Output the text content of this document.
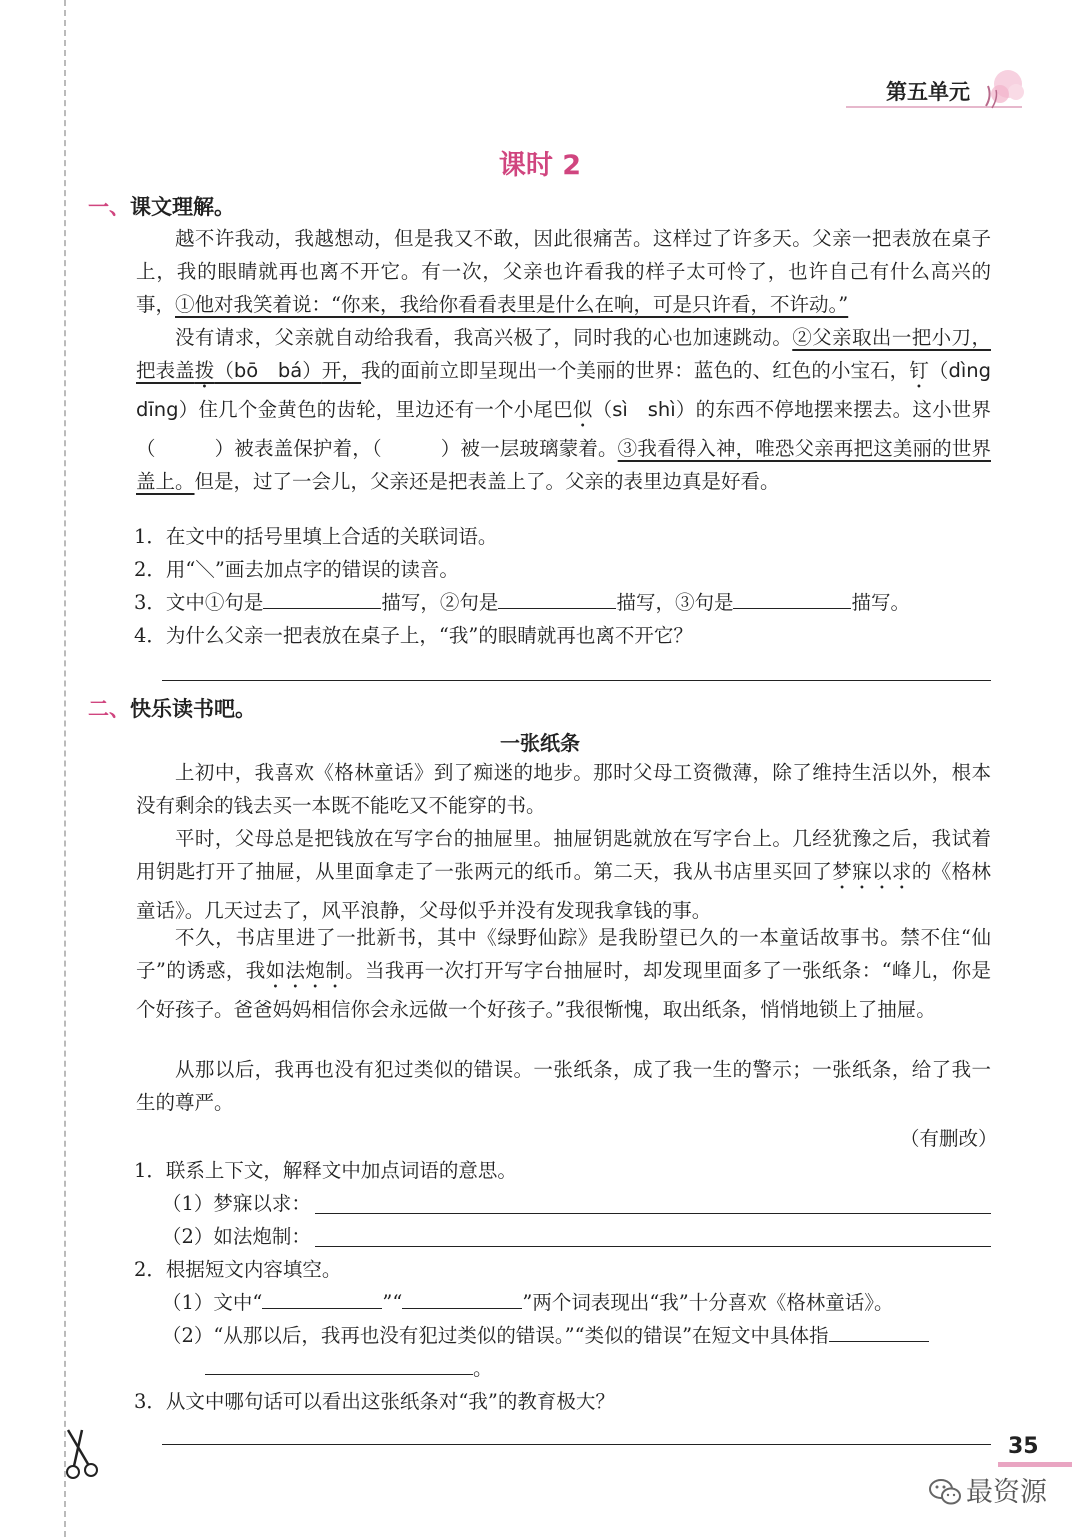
第五单元
课时 2
一、课文理解。
越不许我动，我越想动，但是我又不敢，因此很痛苦。这样过了许多天。父亲一把表放在桌子上，我的眼睛就再也离不开它。有一次，父亲也许看我的样子太可怜了，也许自己有什么高兴的事，①他对我笑着说：“你来，我给你看看表里是什么在响，可是只许看，不许动。”
没有请求，父亲就自动给我看，我高兴极了，同时我的心也加速跳动。②父亲取出一把小刀，把表盖拨（bō　bá）开，我的面前立即呈现出一个美丽的世界：蓝色的、红色的小宝石，钉（dìng　dīng）住几个金黄色的齿轮，里边还有一个小尾巴似（sì　shì）的东西不停地摆来摆去。这小世界（　　　）被表盖保护着，（　　　）被一层玻璃蒙着。③我看得入神，唯恐父亲再把这美丽的世界盖上。但是，过了一会儿，父亲还是把表盖上了。父亲的表里边真是好看。
1．在文中的括号里填上合适的关联词语。
2．用“＼”画去加点字的错误的读音。
3．文中①句是	描写，②句是	描写，③句是	描写。
4．为什么父亲一把表放在桌子上，“我”的眼睛就再也离不开它？
二、快乐读书吧。
一张纸条
上初中，我喜欢《格林童话》到了痴迷的地步。那时父母工资微薄，除了维持生活以外，根本没有剩余的钱去买一本既不能吃又不能穿的书。
平时，父母总是把钱放在写字台的抽屉里。抽屉钥匙就放在写字台上。几经犹豫之后，我试着用钥匙打开了抽屉，从里面拿走了一张两元的纸币。第二天，我从书店里买回了梦寐以求的《格林童话》。几天过去了，风平浪静，父母似乎并没有发现我拿钱的事。
不久，书店里进了一批新书，其中《绿野仙踪》是我盼望已久的一本童话故事书。禁不住“仙子”的诱惑，我如法炮制。当我再一次打开写字台抽屉时，却发现里面多了一张纸条：“峰儿，你是个好孩子。爸爸妈妈相信你会永远做一个好孩子。”我很惭愧，取出纸条，悄悄地锁上了抽屉。
从那以后，我再也没有犯过类似的错误。一张纸条，成了我一生的警示；一张纸条，给了我一生的尊严。
（有删改）
1．联系上下文，解释文中加点词语的意思。
（1）梦寐以求：
（2）如法炮制：
2．根据短文内容填空。
（1）文中“	”“	”两个词表现出“我”十分喜欢《格林童话》。
（2）“从那以后，我再也没有犯过类似的错误。”“类似的错误”在短文中具体指
。
3．从文中哪句话可以看出这张纸条对“我”的教育极大？
35
最资源
